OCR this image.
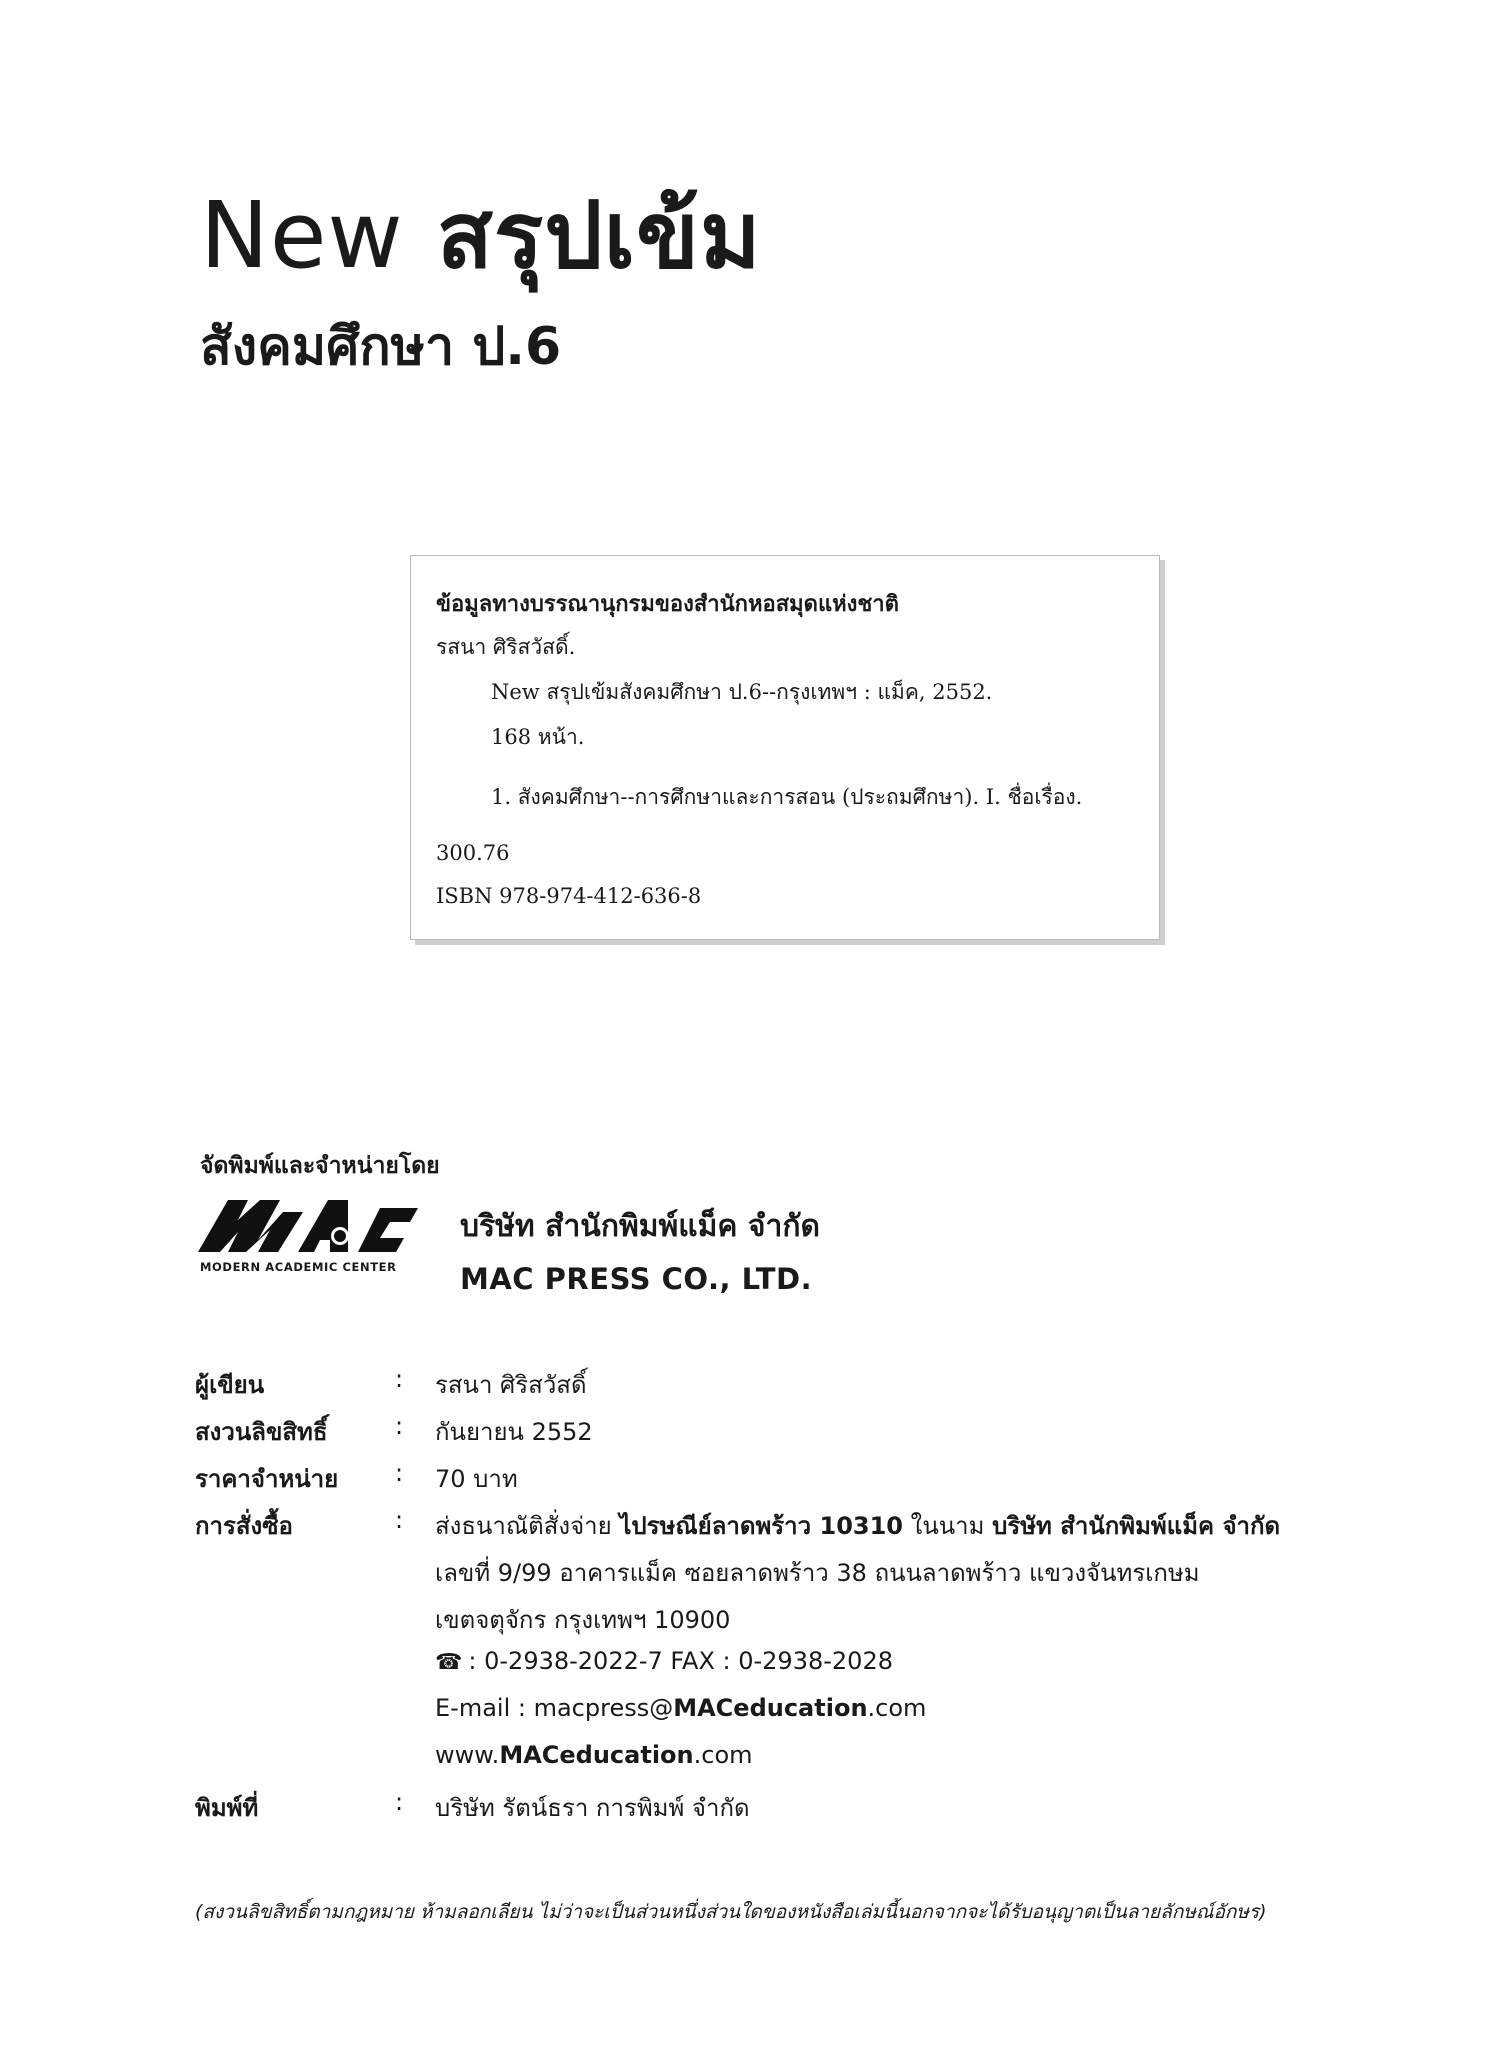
New สรุปเข้ม
สังคมศึกษา ป.6
ข้อมูลทางบรรณานุกรมของสำนักหอสมุดแห่งชาติ
รสนา ศิริสวัสดิ์.
New สรุปเข้มสังคมศึกษา ป.6--กรุงเทพฯ : แม็ค, 2552.
168 หน้า.
1. สังคมศึกษา--การศึกษาและการสอน (ประถมศึกษา). I. ชื่อเรื่อง.
300.76
ISBN 978-974-412-636-8
จัดพิมพ์และจำหน่ายโดย
MODERN ACADEMIC CENTER
บริษัท สำนักพิมพ์แม็ค จำกัด
MAC PRESS CO., LTD.
ผู้เขียน	: รสนา ศิริสวัสดิ์
สงวนลิขสิทธิ์	: กันยายน 2552
ราคาจำหน่าย : 70 บาท
การสั่งซื้อ	: ส่งธนาณัติสั่งจ่าย ไปรษณีย์ลาดพร้าว 10310 ในนาม บริษัท สำนักพิมพ์แม็ค จำกัด
เลขที่ 9/99 อาคารแม็ค ซอยลาดพร้าว 38 ถนนลาดพร้าว แขวงจันทรเกษม
เขตจตุจักร กรุงเทพฯ 10900
☎ : 0-2938-2022-7 FAX : 0-2938-2028
E-mail : macpress@MACeducation.com
www.MACeducation.com
พิมพ์ที่	: บริษัท รัตน์ธรา การพิมพ์ จำกัด
(สงวนลิขสิทธิ์ตามกฎหมาย ห้ามลอกเลียน ไม่ว่าจะเป็นส่วนหนึ่งส่วนใดของหนังสือเล่มนี้นอกจากจะได้รับอนุญาตเป็นลายลักษณ์อักษร)
